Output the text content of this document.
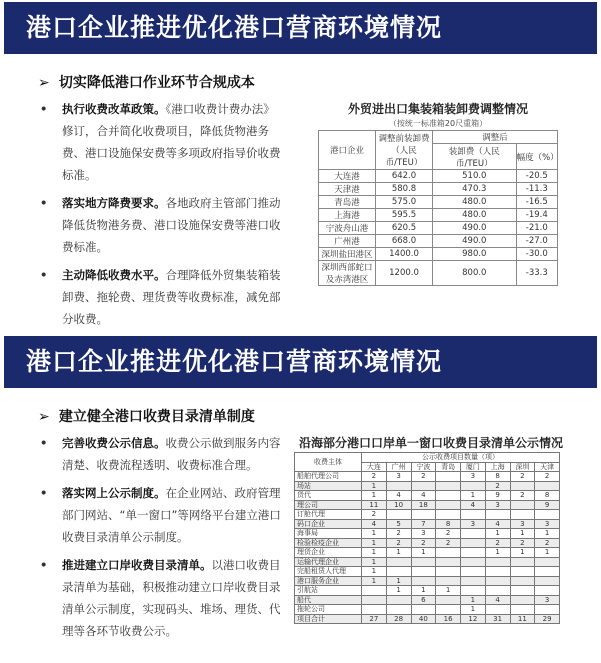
港口企业推进优化港口营商环境情况
➢ 切实降低港口作业环节合规成本
• 执行收费改革政策。《港口收费计费办法》修订，合并简化收费项目，降低货物港务费、港口设施保安费等多项政府指导价收费标准。
• 落实地方降费要求。各地政府主管部门推动降低货物港务费、港口设施保安费等港口收费标准。
• 主动降低收费水平。合理降低外贸集装箱装卸费、拖轮费、理货费等收费标准，减免部分收费。
外贸进出口集装箱装卸费调整情况
（按统一标准箱20尺重箱）
港口企业	调整前装卸费（人民币/TEU）	调整后	
		装卸费（人民币/TEU）	幅度（%）
大连港	642.0	510.0	-20.5
天津港	580.8	470.3	-11.3
青岛港	575.0	480.0	-16.5
上海港	595.5	480.0	-19.4
宁波舟山港	620.5	490.0	-21.0
广州港	668.0	490.0	-27.0
深圳盐田港区	1400.0	980.0	-30.0
深圳西部蛇口及赤湾港区	1200.0	800.0	-33.3
港口企业推进优化港口营商环境情况
➢ 建立健全港口收费目录清单制度
• 完善收费公示信息。收费公示做到服务内容清楚、收费流程透明、收费标准合理。
• 落实网上公示制度。在企业网站、政府管理部门网站、“单一窗口”等网络平台建立港口收费目录清单公示制度。
• 推进建立口岸收费目录清单。以港口收费目录清单为基础，积极推动建立口岸收费目录清单公示制度，实现码头、堆场、理货、代理等各环节收费公示。
沿海部分港口口岸单一窗口收费目录清单公示情况
收费主体	公示收费项目数量（项）							
	大连	广州	宁波	青岛	厦门	上海	深圳	天津
船舶代理公司	2	3	2		3	8	2	2
场站	1					2		
货代	1	4	4		1	9	2	8
理公司	11	10	18		4	3		9
订舱代理	2							
码口企业	4	5	7	8	3	4	3	3
海事局	1	2	3	2		1	1	1
检验检疫企业	1	2	2	2		2	2	2
理货企业	1	1	1			1	1	1
运输代理企业	1							
完船租赁人代理	1							
港口服务企业	1	1						
引航站		1	1	1				
船代			6		1	4		3
拖轮公司					1			
项目合计	27	28	40	16	12	31	11	29
